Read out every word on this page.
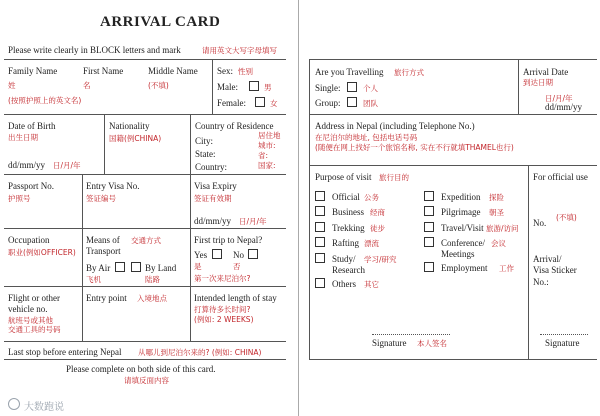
ARRIVAL CARD
Please write clearly in BLOCK letters and mark	请用英文大写字母填写
Family Name
姓
First Name
名
Middle Name
(不填)
(按照护照上的英文名)
Sex: 性别
Male:	男
Female:	女
Date of Birth
出生日期
dd/mm/yy 日/月/年
Nationality
国籍(例CHINA)
Country of Residence
City:
State:
Country:
居住地
城市:
省:
国家:
Passport No.
护照号
Entry Visa No.
签证编号
Visa Expiry
签证有效期
dd/mm/yy 日/月/年
Occupation
职业(例如OFFICER)
Means of
Transport
交通方式
By Air
飞机
By Land
陆路
First trip to Nepal?
Yes
是
No
否
第一次来尼泊尔?
Flight or other
vehicle no.
航班号或其他
交通工具的号码
Entry point 入境地点	Intended length of stay
打算待多长时间?
(例如: 2 WEEKS)
Last stop before entering Nepal 从哪儿到尼泊尔来的? (例如: CHINA)
Please complete on both side of this card.
请填反面内容
大数跑说
Are you Travelling 旅行方式
Single:	个人
Group:	团队
Arrival Date
到达日期
日/月/年
dd/mm/yy
Address in Nepal (including Telephone No.)
在尼泊尔的地址, 包括电话号码
(随便在网上找好一个旅馆名称, 实在不行就填THAMEL也行)
Purpose of visit 旅行目的	For official use
Official 公务
Business 经商
Trekking 徒步
Rafting 漂流
Study/ 学习/研究
Research
Others 其它
Expedition 探险
Pilgrimage 朝圣
Travel/Visit 旅游/访问
Conference/ 会议
Meetings
Employment 工作
No.
(不填)
Arrival/
Visa Sticker
No.:
Signature 本人签名	Signature
